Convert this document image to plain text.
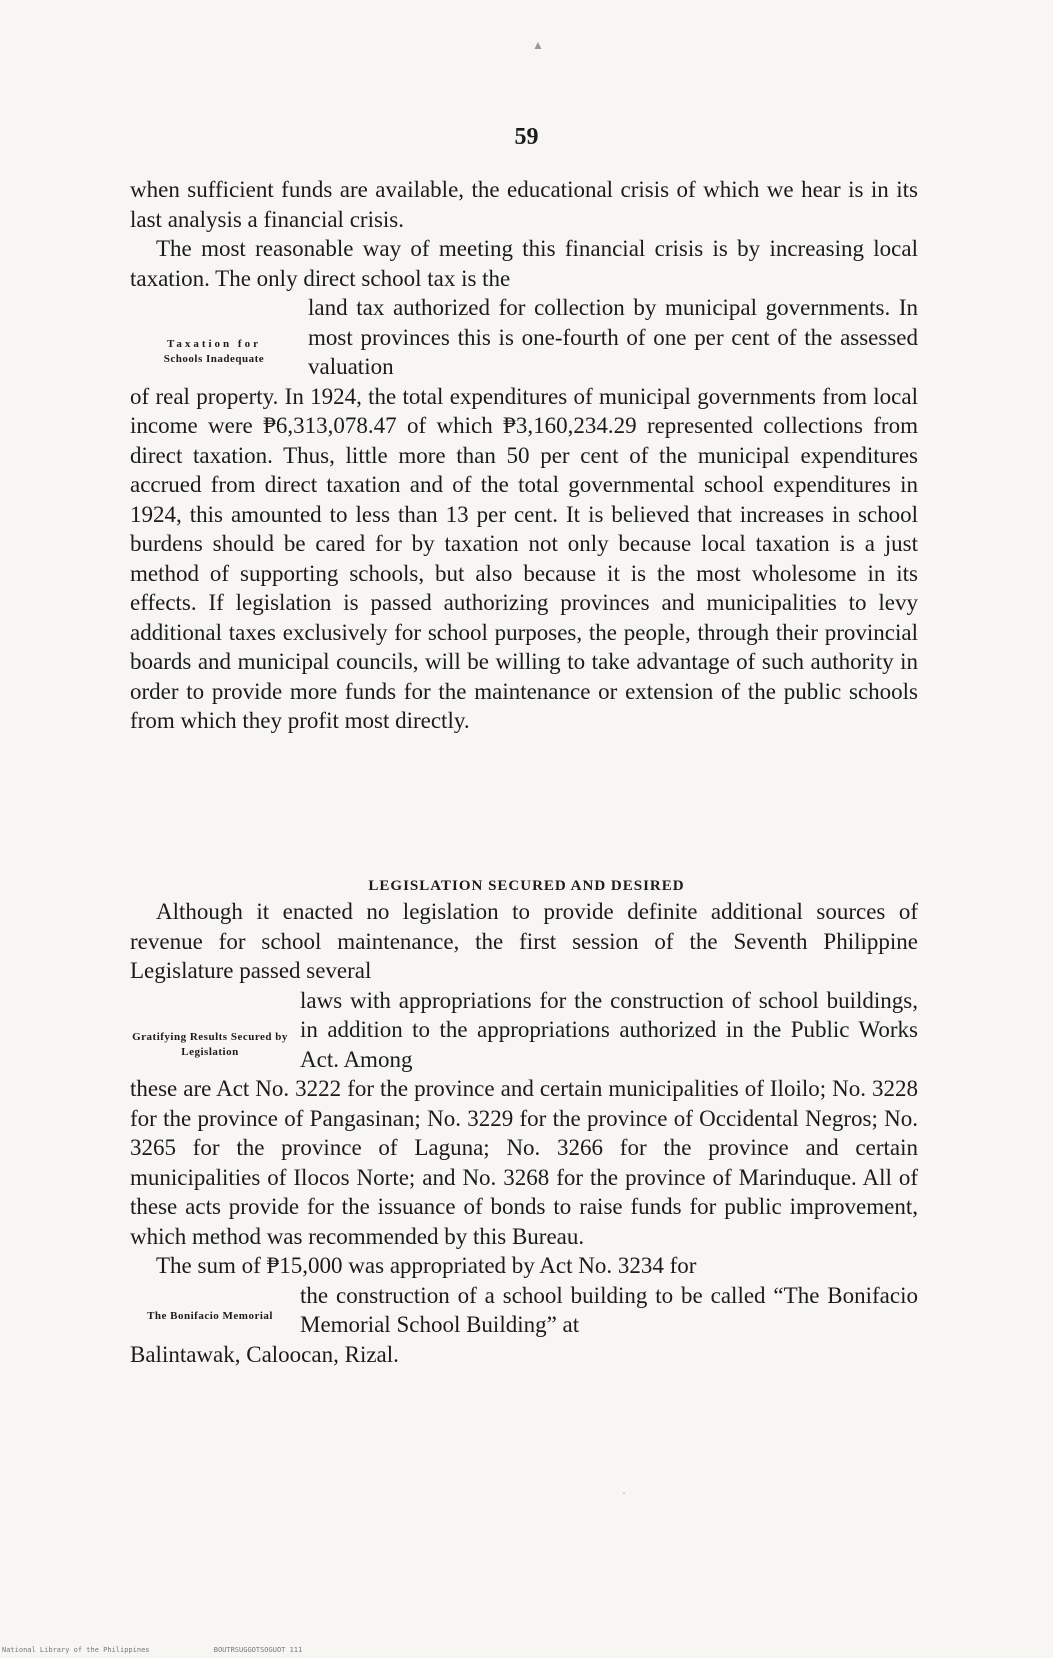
59

when sufficient funds are available, the educational crisis of which we hear is in its last analysis a financial crisis.

The most reasonable way of meeting this financial crisis is by increasing local taxation. The only direct school tax is the

Taxation for
Schools Inadequate

land tax authorized for collection by municipal governments. In most provinces this is one-fourth of one per cent of the assessed valuation

of real property. In 1924, the total expenditures of municipal governments from local income were ₱6,313,078.47 of which ₱3,160,234.29 represented collections from direct taxation. Thus, little more than 50 per cent of the municipal expenditures accrued from direct taxation and of the total governmental school expenditures in 1924, this amounted to less than 13 per cent. It is believed that increases in school burdens should be cared for by taxation not only because local taxation is a just method of supporting schools, but also because it is the most wholesome in its effects. If legislation is passed authorizing provinces and municipalities to levy additional taxes exclusively for school purposes, the people, through their provincial boards and municipal councils, will be willing to take advantage of such authority in order to provide more funds for the maintenance or extension of the public schools from which they profit most directly.

LEGISLATION SECURED AND DESIRED

Although it enacted no legislation to provide definite additional sources of revenue for school maintenance, the first session of the Seventh Philippine Legislature passed several

Gratifying Results Secured by Legislation

laws with appropriations for the construction of school buildings, in addition to the appropriations authorized in the Public Works Act. Among

these are Act No. 3222 for the province and certain municipalities of Iloilo; No. 3228 for the province of Pangasinan; No. 3229 for the province of Occidental Negros; No. 3265 for the province of Laguna; No. 3266 for the province and certain municipalities of Ilocos Norte; and No. 3268 for the province of Marinduque. All of these acts provide for the issuance of bonds to raise funds for public improvement, which method was recommended by this Bureau.

The sum of ₱15,000 was appropriated by Act No. 3234 for

The Bonifacio Memorial

the construction of a school building to be called “The Bonifacio Memorial School Building” at

Balintawak, Caloocan, Rizal.

▲
·
National Library of the Philippines	BOUTRSUGGOTSOGUOT 111
